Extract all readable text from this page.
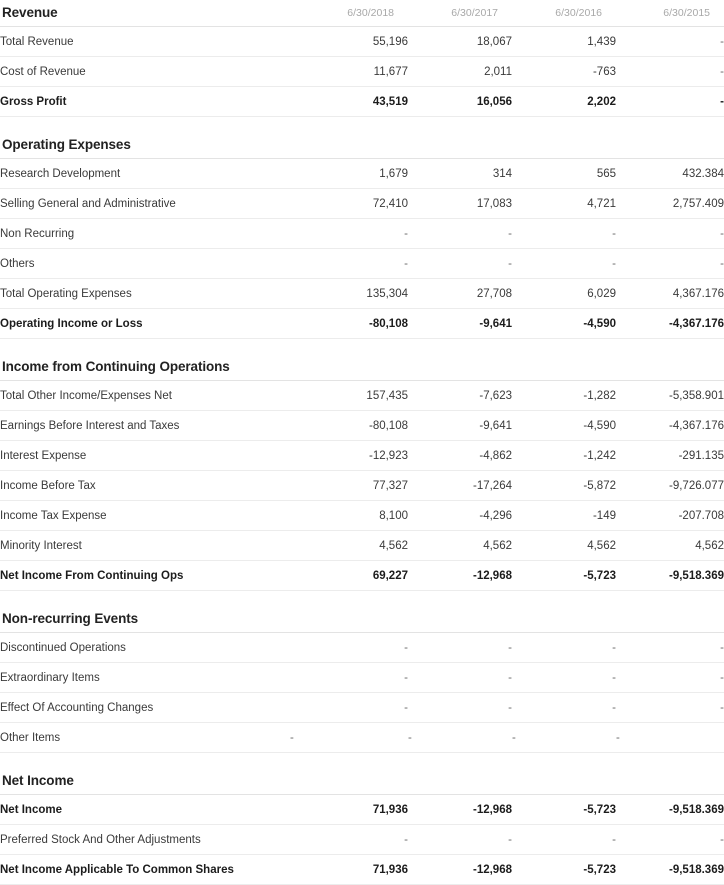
Revenue	6/30/2018	6/30/2017	6/30/2016	6/30/2015

Total Revenue	55,196	18,067	1,439	-
Cost of Revenue	11,677	2,011	-763	-
Gross Profit	43,519	16,056	2,202	-

Operating Expenses				

Research Development	1,679	314	565	432.384
Selling General and Administrative	72,410	17,083	4,721	2,757.409
Non Recurring	-	-	-	-
Others	-	-	-	-
Total Operating Expenses	135,304	27,708	6,029	4,367.176
Operating Income or Loss	-80,108	-9,641	-4,590	-4,367.176

Income from Continuing Operations				

Total Other Income/Expenses Net	157,435	-7,623	-1,282	-5,358.901
Earnings Before Interest and Taxes	-80,108	-9,641	-4,590	-4,367.176
Interest Expense	-12,923	-4,862	-1,242	-291.135
Income Before Tax	77,327	-17,264	-5,872	-9,726.077
Income Tax Expense	8,100	-4,296	-149	-207.708
Minority Interest	4,562	4,562	4,562	4,562
Net Income From Continuing Ops	69,227	-12,968	-5,723	-9,518.369

Non-recurring Events				

Discontinued Operations	-	-	-	-
Extraordinary Items	-	-	-	-
Effect Of Accounting Changes	-	-	-	-
Other Items	-	-	-	-

Net Income				

Net Income	71,936	-12,968	-5,723	-9,518.369
Preferred Stock And Other Adjustments	-	-	-	-
Net Income Applicable To Common Shares	71,936	-12,968	-5,723	-9,518.369
